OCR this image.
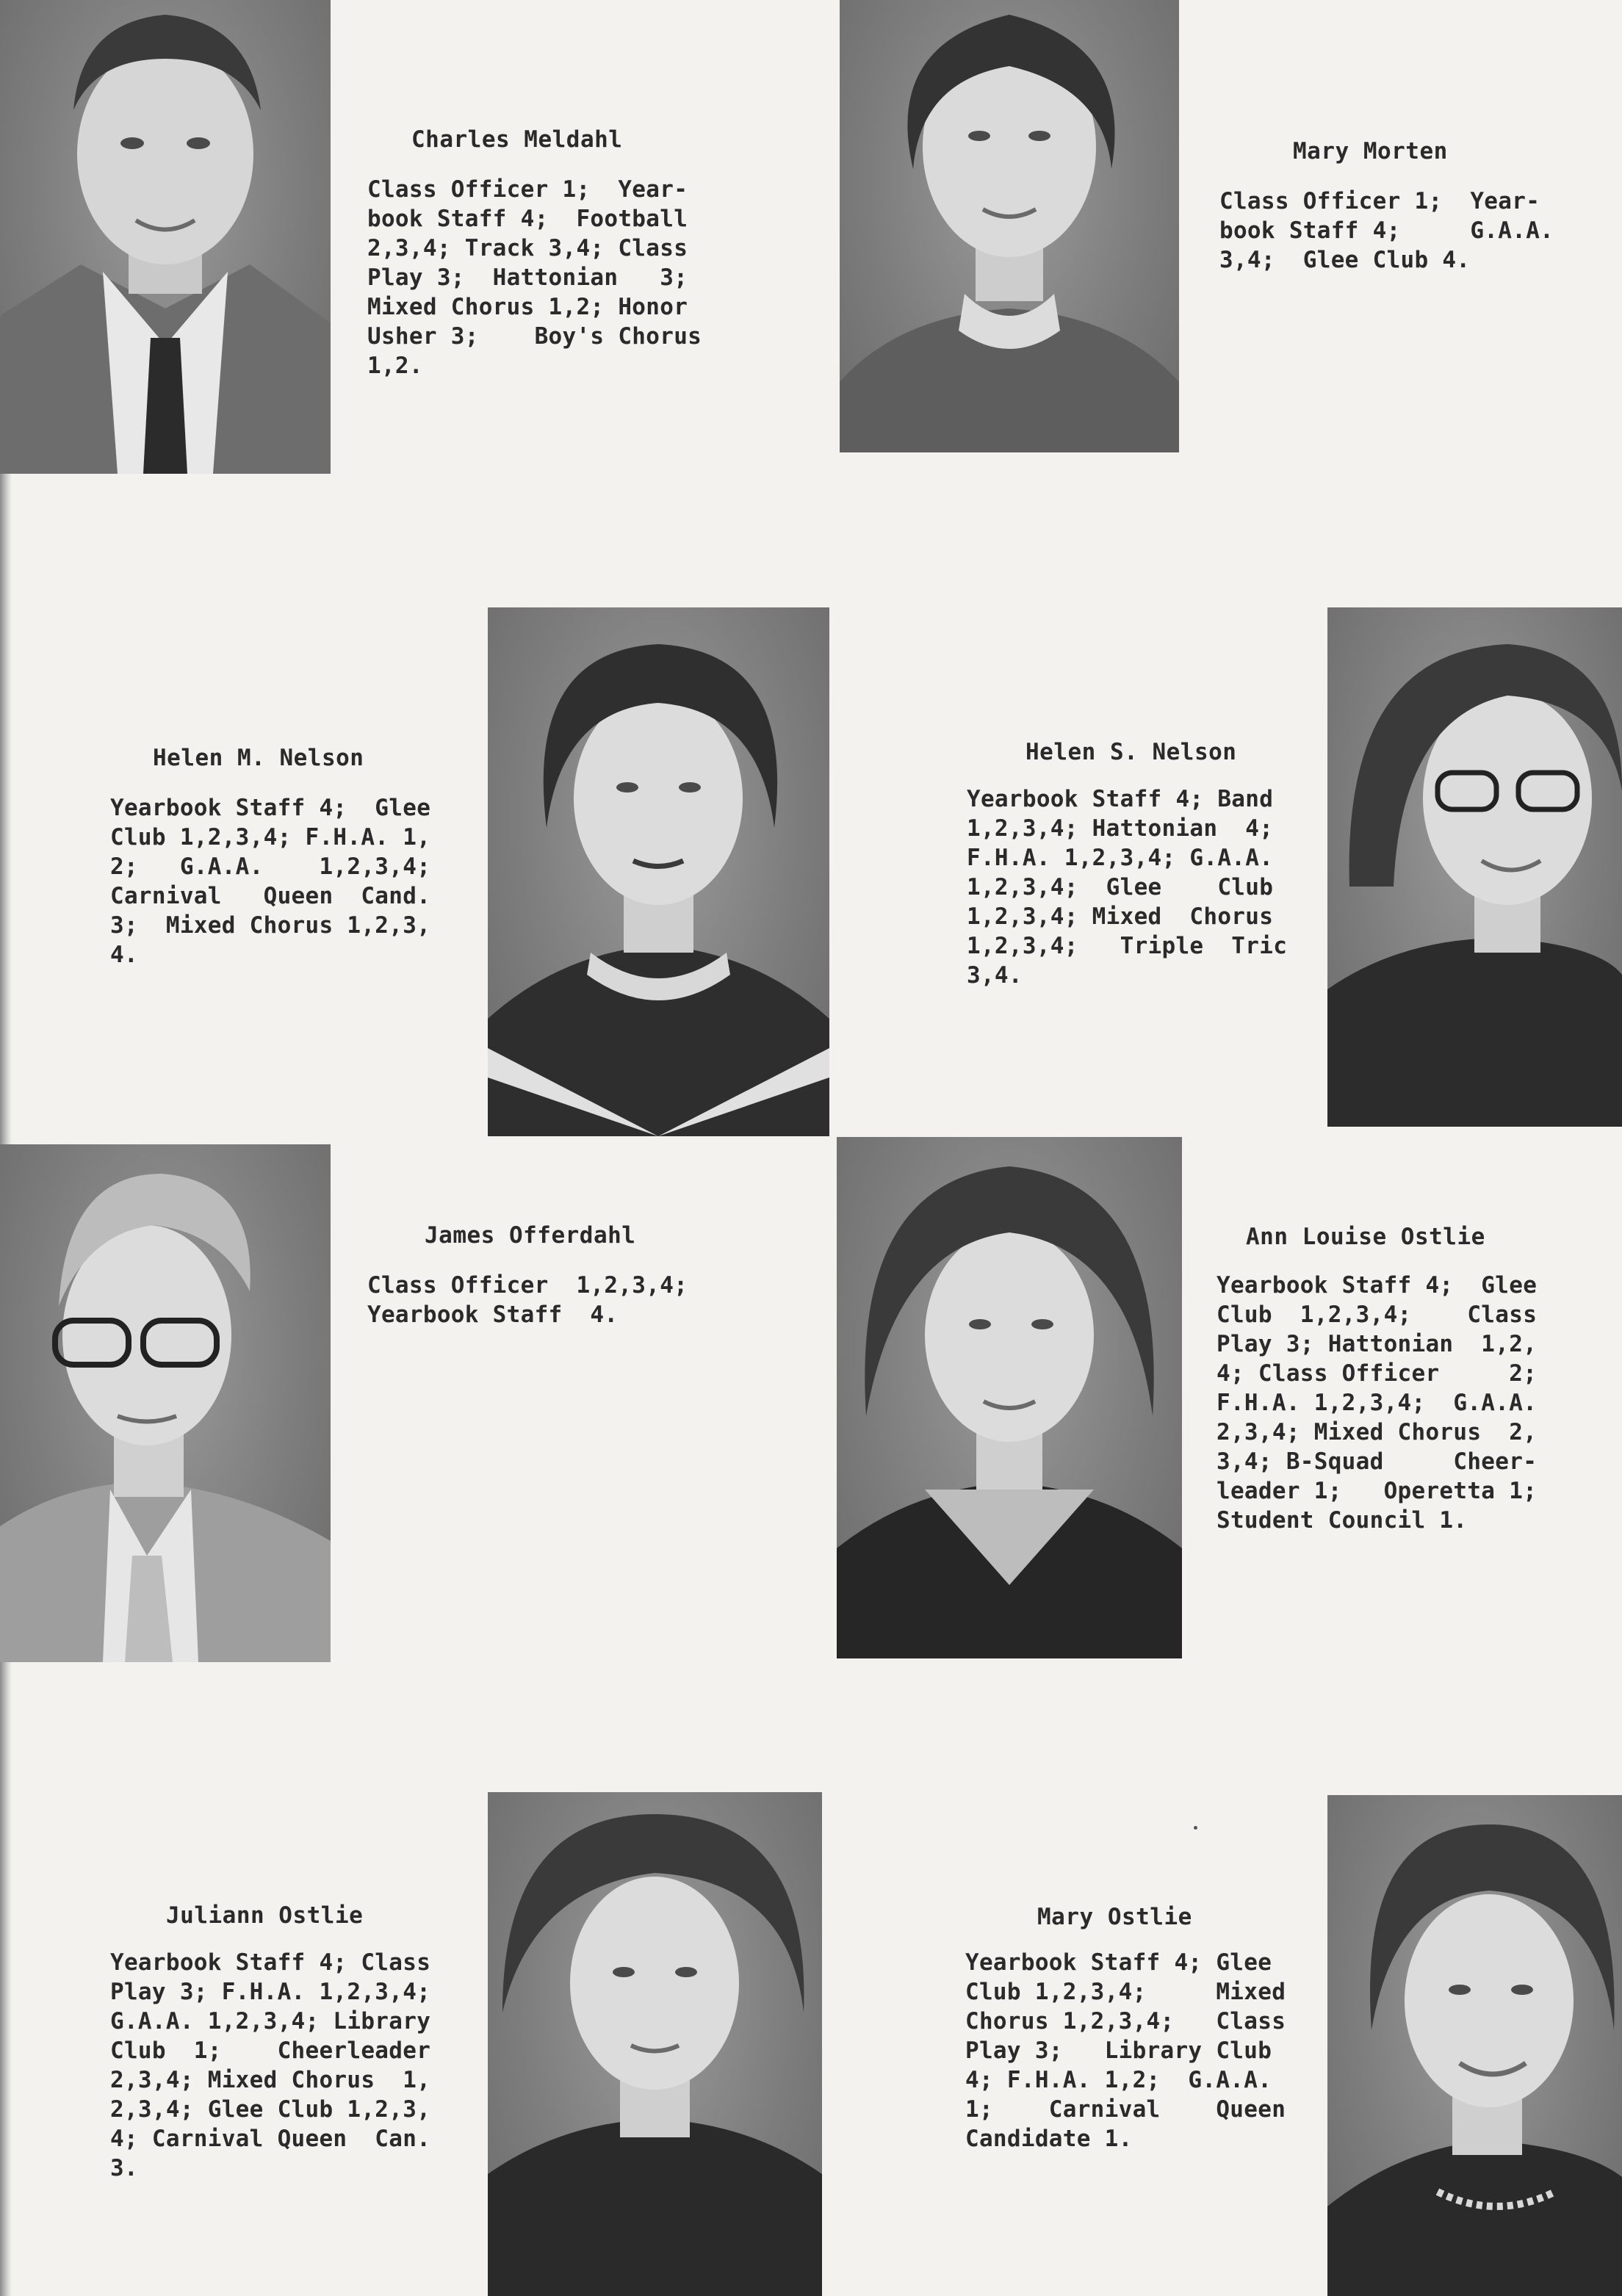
Charles Meldahl
Class Officer 1;  Year-
book Staff 4;  Football
2,3,4; Track 3,4; Class
Play 3;  Hattonian   3;
Mixed Chorus 1,2; Honor
Usher 3;    Boy's Chorus
1,2.
Mary Morten
Class Officer 1;  Year-
book Staff 4;     G.A.A.
3,4;  Glee Club 4.
Helen M. Nelson
Yearbook Staff 4;  Glee
Club 1,2,3,4; F.H.A. 1,
2;   G.A.A.    1,2,3,4;
Carnival   Queen  Cand.
3;  Mixed Chorus 1,2,3,
4.
Helen S. Nelson
Yearbook Staff 4; Band
1,2,3,4; Hattonian  4;
F.H.A. 1,2,3,4; G.A.A.
1,2,3,4;  Glee    Club
1,2,3,4; Mixed  Chorus
1,2,3,4;   Triple  Tric
3,4.
James Offerdahl
Class Officer  1,2,3,4;
Yearbook Staff  4.
Ann Louise Ostlie
Yearbook Staff 4;  Glee
Club  1,2,3,4;    Class
Play 3; Hattonian  1,2,
4; Class Officer     2;
F.H.A. 1,2,3,4;  G.A.A.
2,3,4; Mixed Chorus  2,
3,4; B-Squad     Cheer-
leader 1;   Operetta 1;
Student Council 1.
Juliann Ostlie
Yearbook Staff 4; Class
Play 3; F.H.A. 1,2,3,4;
G.A.A. 1,2,3,4; Library
Club  1;    Cheerleader
2,3,4; Mixed Chorus  1,
2,3,4; Glee Club 1,2,3,
4; Carnival Queen  Can.
3.
Mary Ostlie
Yearbook Staff 4; Glee
Club 1,2,3,4;     Mixed
Chorus 1,2,3,4;   Class
Play 3;   Library Club
4; F.H.A. 1,2;  G.A.A.
1;    Carnival    Queen
Candidate 1.
